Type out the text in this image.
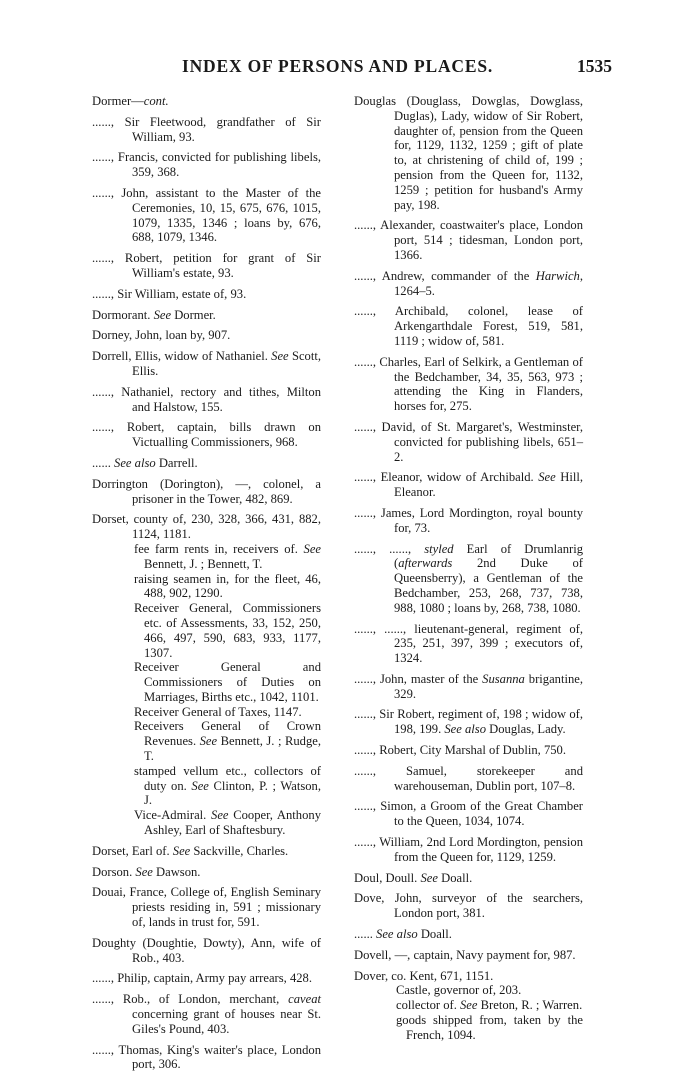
INDEX OF PERSONS AND PLACES.	1535

Dormer—cont.

......, Sir Fleetwood, grandfather of Sir William, 93.

......, Francis, convicted for publishing libels, 359, 368.

......, John, assistant to the Master of the Ceremonies, 10, 15, 675, 676, 1015, 1079, 1335, 1346 ; loans by, 676, 688, 1079, 1346.

......, Robert, petition for grant of Sir William's estate, 93.

......, Sir William, estate of, 93.

Dormorant. See Dormer.

Dorney, John, loan by, 907.

Dorrell, Ellis, widow of Nathaniel. See Scott, Ellis.

......, Nathaniel, rectory and tithes, Milton and Halstow, 155.

......, Robert, captain, bills drawn on Victualling Commissioners, 968.

...... See also Darrell.

Dorrington (Dorington), —, colonel, a prisoner in the Tower, 482, 869.

Dorset, county of, 230, 328, 366, 431, 882, 1124, 1181.

fee farm rents in, receivers of. See Bennett, J. ; Bennett, T.

raising seamen in, for the fleet, 46, 488, 902, 1290.

Receiver General, Commissioners etc. of Assessments, 33, 152, 250, 466, 497, 590, 683, 933, 1177, 1307.

Receiver General and Commissioners of Duties on Marriages, Births etc., 1042, 1101.

Receiver General of Taxes, 1147.

Receivers General of Crown Revenues. See Bennett, J. ; Rudge, T.

stamped vellum etc., collectors of duty on. See Clinton, P. ; Watson, J.

Vice-Admiral. See Cooper, Anthony Ashley, Earl of Shaftesbury.

Dorset, Earl of. See Sackville, Charles.

Dorson. See Dawson.

Douai, France, College of, English Seminary priests residing in, 591 ; missionary of, lands in trust for, 591.

Doughty (Doughtie, Dowty), Ann, wife of Rob., 403.

......, Philip, captain, Army pay arrears, 428.

......, Rob., of London, merchant, caveat concerning grant of houses near St. Giles's Pound, 403.

......, Thomas, King's waiter's place, London port, 306.

Douglas (Douglass, Dowglas, Dowglass, Duglas), Lady, widow of Sir Robert, daughter of, pension from the Queen for, 1129, 1132, 1259 ; gift of plate to, at christening of child of, 199 ; pension from the Queen for, 1132, 1259 ; petition for husband's Army pay, 198.

......, Alexander, coastwaiter's place, London port, 514 ; tidesman, London port, 1366.

......, Andrew, commander of the Harwich, 1264–5.

......, Archibald, colonel, lease of Arkengarthdale Forest, 519, 581, 1119 ; widow of, 581.

......, Charles, Earl of Selkirk, a Gentleman of the Bedchamber, 34, 35, 563, 973 ; attending the King in Flanders, horses for, 275.

......, David, of St. Margaret's, Westminster, convicted for publishing libels, 651–2.

......, Eleanor, widow of Archibald. See Hill, Eleanor.

......, James, Lord Mordington, royal bounty for, 73.

......, ......, styled Earl of Drumlanrig (afterwards 2nd Duke of Queensberry), a Gentleman of the Bedchamber, 253, 268, 737, 738, 988, 1080 ; loans by, 268, 738, 1080.

......, ......, lieutenant-general, regiment of, 235, 251, 397, 399 ; executors of, 1324.

......, John, master of the Susanna brigantine, 329.

......, Sir Robert, regiment of, 198 ; widow of, 198, 199. See also Douglas, Lady.

......, Robert, City Marshal of Dublin, 750.

......, Samuel, storekeeper and warehouseman, Dublin port, 107–8.

......, Simon, a Groom of the Great Chamber to the Queen, 1034, 1074.

......, William, 2nd Lord Mordington, pension from the Queen for, 1129, 1259.

Doul, Doull. See Doall.

Dove, John, surveyor of the searchers, London port, 381.

...... See also Doall.

Dovell, —, captain, Navy payment for, 987.

Dover, co. Kent, 671, 1151.

Castle, governor of, 203.

collector of. See Breton, R. ; Warren.

goods shipped from, taken by the French, 1094.
